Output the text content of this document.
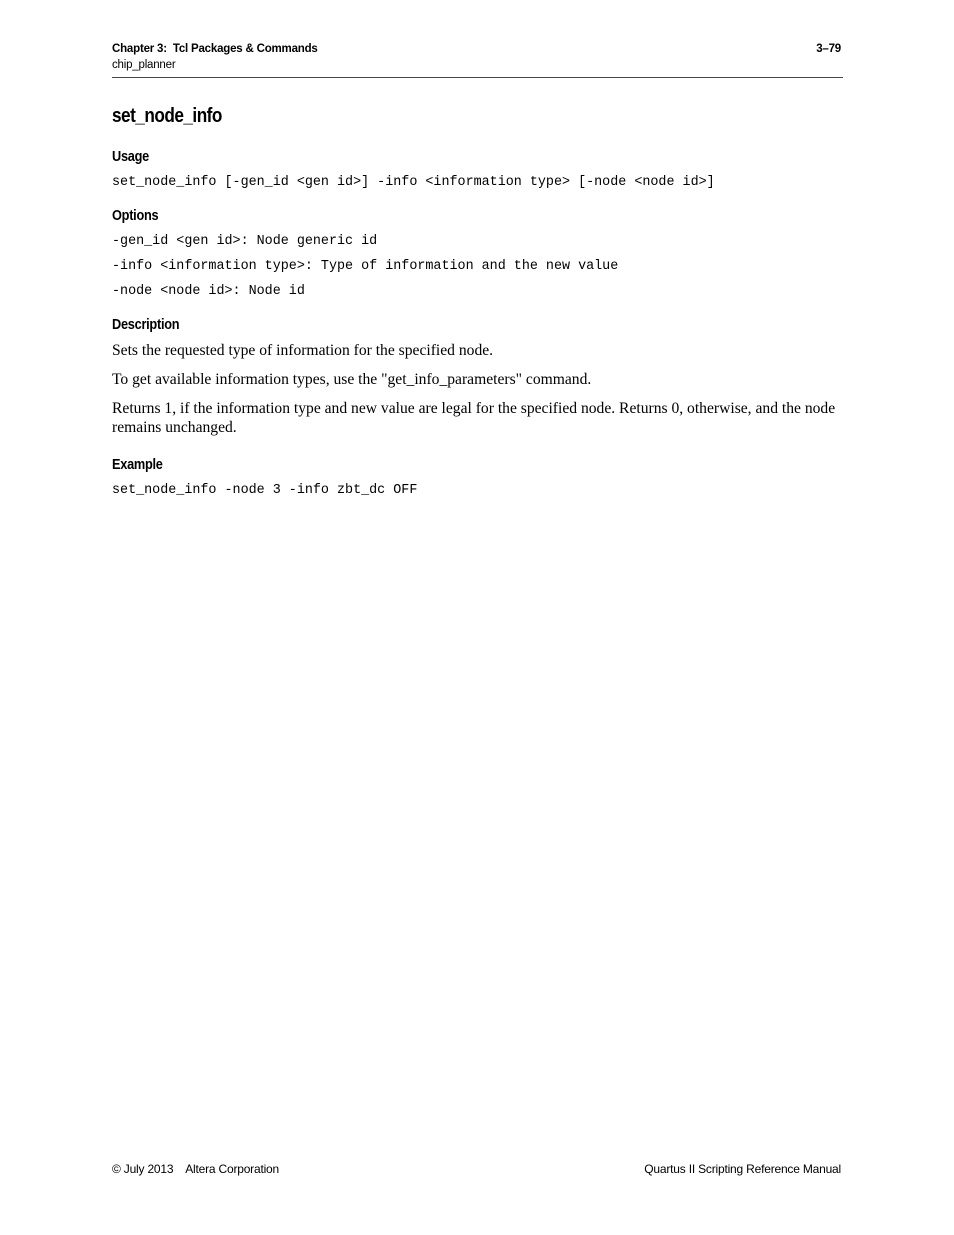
Chapter 3:  Tcl Packages & Commands	3–79
chip_planner
set_node_info
Usage
set_node_info [-gen_id <gen id>] -info <information type> [-node <node id>]
Options
-gen_id <gen id>: Node generic id
-info <information type>: Type of information and the new value
-node <node id>: Node id
Description
Sets the requested type of information for the specified node.
To get available information types, use the "get_info_parameters" command.
Returns 1, if the information type and new value are legal for the specified node. Returns 0, otherwise, and the node remains unchanged.
Example
set_node_info -node 3 -info zbt_dc OFF
© July 2013    Altera Corporation	Quartus II Scripting Reference Manual
